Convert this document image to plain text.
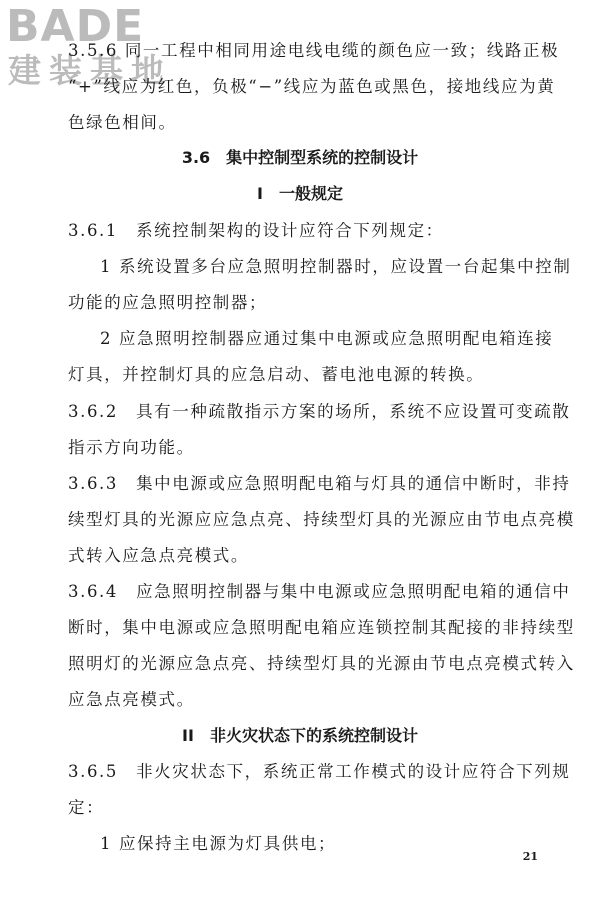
BADE
建装基地
3.5.6 同一工程中相同用途电线电缆的颜色应一致；线路正极
“+”线应为红色，负极“−”线应为蓝色或黑色，接地线应为黄
色绿色相间。
3.6　集中控制型系统的控制设计
I　一般规定
3.6.1　系统控制架构的设计应符合下列规定：
1 系统设置多台应急照明控制器时，应设置一台起集中控制
功能的应急照明控制器；
2 应急照明控制器应通过集中电源或应急照明配电箱连接
灯具，并控制灯具的应急启动、蓄电池电源的转换。
3.6.2　具有一种疏散指示方案的场所，系统不应设置可变疏散
指示方向功能。
3.6.3　集中电源或应急照明配电箱与灯具的通信中断时，非持
续型灯具的光源应应急点亮、持续型灯具的光源应由节电点亮模
式转入应急点亮模式。
3.6.4　应急照明控制器与集中电源或应急照明配电箱的通信中
断时，集中电源或应急照明配电箱应连锁控制其配接的非持续型
照明灯的光源应急点亮、持续型灯具的光源由节电点亮模式转入
应急点亮模式。
II　非火灾状态下的系统控制设计
3.6.5　非火灾状态下，系统正常工作模式的设计应符合下列规
定：
1 应保持主电源为灯具供电；
21
